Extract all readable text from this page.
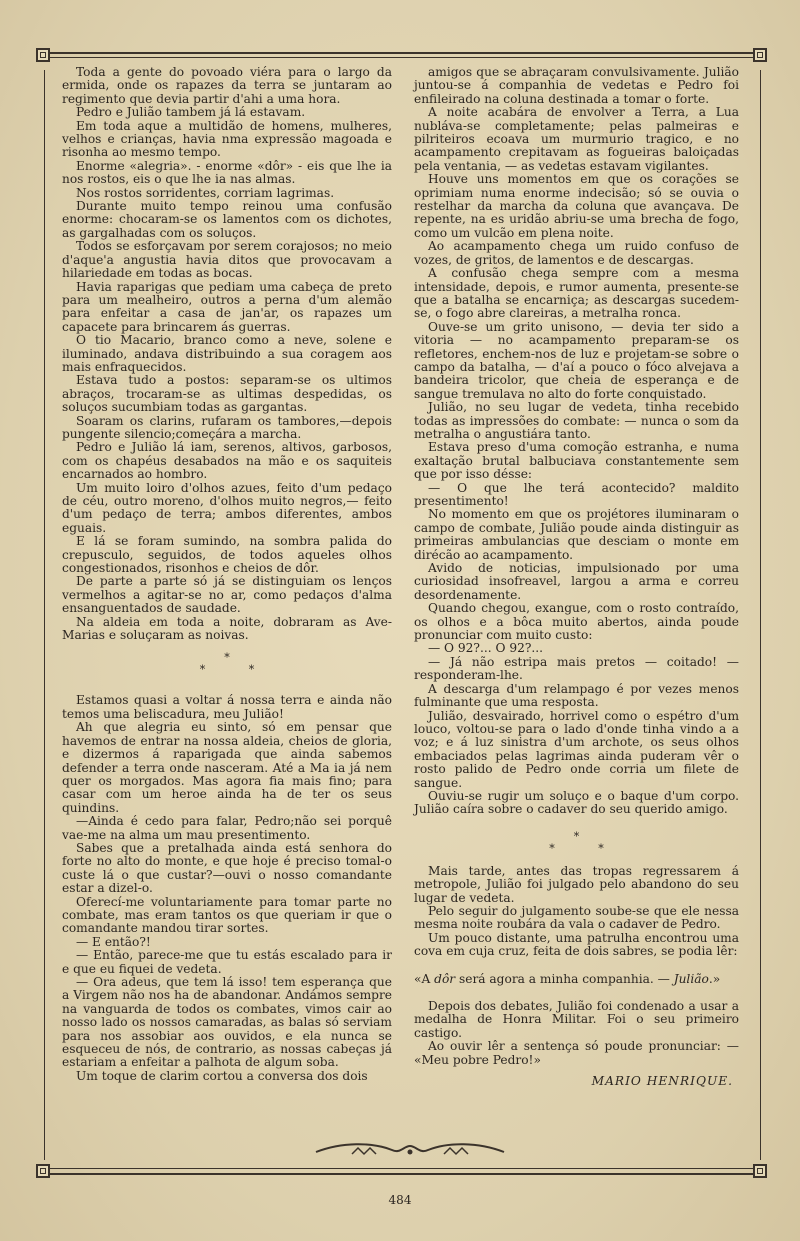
Toda a gente do povoado viéra para o largo da ermida, onde os rapazes da terra se juntaram ao regimento que devia partir d'ahi a uma hora.

Pedro e Julião tambem já lá estavam.

Em toda aque a multidão de homens, mulheres, velhos e crianças, havia nma expressão magoada e risonha ao mesmo tempo.

Enorme «alegria». - enorme «dôr» - eis que lhe ia nos rostos, eis o que lhe ia nas almas.

Nos rostos sorridentes, corriam lagrimas.

Durante muito tempo reinou uma confusão enorme: chocaram-se os lamentos com os dichotes, as gargalhadas com os soluços.

Todos se esforçavam por serem corajosos; no meio d'aque'a angustia havia ditos que provocavam a hilariedade em todas as bocas.

Havia raparigas que pediam uma cabeça de preto para um mealheiro, outros a perna d'um alemão para enfeitar a casa de jan'ar, os rapazes um capacete para brincarem ás guerras.

O tio Macario, branco como a neve, solene e iluminado, andava distribuindo a sua coragem aos mais enfraquecidos.

Estava tudo a postos: separam-se os ultimos abraços, trocaram-se as ultimas despedidas, os soluços sucumbiam todas as gargantas.

Soaram os clarins, rufaram os tambores,—depois pungente silencio;começára a marcha.

Pedro e Julião lá iam, serenos, altivos, garbosos, com os chapéus desabados na mão e os saquiteis encarnados ao hombro.

Um muito loiro d'olhos azues, feito d'um pedaço de céu, outro moreno, d'olhos muito negros,— feito d'um pedaço de terra; ambos diferentes, ambos eguais.

E lá se foram sumindo, na sombra palida do crepusculo, seguidos, de todos aqueles olhos congestionados, risonhos e cheios de dôr.

De parte a parte só já se distinguiam os lenços vermelhos a agitar-se no ar, como pedaços d'alma ensanguentados de saudade.

Na aldeia em toda a noite, dobraram as Ave-Marias e soluçaram as noivas.

*
* *

Estamos quasi a voltar á nossa terra e ainda não temos uma beliscadura, meu Julião!

Ah que alegria eu sinto, só em pensar que havemos de entrar na nossa aldeia, cheios de gloria, e dizermos á raparigada que ainda sabemos defender a terra onde nasceram. Até a Ma ia já nem quer os morgados. Mas agora fia mais fino; para casar com um heroe ainda ha de ter os seus quindins.

—Ainda é cedo para falar, Pedro;não sei porquê vae-me na alma um mau presentimento.

Sabes que a pretalhada ainda está senhora do forte no alto do monte, e que hoje é preciso tomal-o custe lá o que custar?—ouvi o nosso comandante estar a dizel-o.

Oferecí-me voluntariamente para tomar parte no combate, mas eram tantos os que queriam ir que o comandante mandou tirar sortes.

— E então?!

— Então, parece-me que tu estás escalado para ir e que eu fiquei de vedeta.

— Ora adeus, que tem lá isso! tem esperança que a Virgem não nos ha de abandonar. Andámos sempre na vanguarda de todos os combates, vimos cair ao nosso lado os nossos camaradas, as balas só serviam para nos assobiar aos ouvidos, e ela nunca se esqueceu de nós, de contrario, as nossas cabeças já estariam a enfeitar a palhota de algum soba.

Um toque de clarim cortou a conversa dos dois

amigos que se abraçaram convulsivamente. Julião juntou-se á companhia de vedetas e Pedro foi enfileirado na coluna destinada a tomar o forte.

A noite acabára de envolver a Terra, a Lua nubláva-se completamente; pelas palmeiras e pilriteiros ecoava um murmurio tragico, e no acampamento crepitavam as fogueiras baloiçadas pela ventania, — as vedetas estavam vigilantes.

Houve uns momentos em que os corações se oprimiam numa enorme indecisão; só se ouvia o restelhar da marcha da coluna que avançava. De repente, na es uridão abriu-se uma brecha de fogo, como um vulcão em plena noite.

Ao acampamento chega um ruido confuso de vozes, de gritos, de lamentos e de descargas.

A confusão chega sempre com a mesma intensidade, depois, e rumor aumenta, presente-se que a batalha se encarniça; as descargas sucedem-se, o fogo abre clareiras, a metralha ronca.

Ouve-se um grito unisono, — devia ter sido a vitoria — no acampamento preparam-se os refletores, enchem-nos de luz e projetam-se sobre o campo da batalha, — d'aí a pouco o fóco alvejava a bandeira tricolor, que cheia de esperança e de sangue tremulava no alto do forte conquistado.

Julião, no seu lugar de vedeta, tinha recebido todas as impressões do combate: — nunca o som da metralha o angustiára tanto.

Estava preso d'uma comoção estranha, e numa exaltação brutal balbuciava constantemente sem que por isso désse:

— O que lhe terá acontecido? maldito presentimento!

No momento em que os projétores iluminaram o campo de combate, Julião poude ainda distinguir as primeiras ambulancias que desciam o monte em dirécão ao acampamento.

Avido de noticias, impulsionado por uma curiosidad insofreavel, largou a arma e correu desordenamente.

Quando chegou, exangue, com o rosto contraído, os olhos e a bôca muito abertos, ainda poude pronunciar com muito custo:

— O 92?... O 92?...

— Já não estripa mais pretos — coitado! — responderam-lhe.

A descarga d'um relampago é por vezes menos fulminante que uma resposta.

Julião, desvairado, horrivel como o espétro d'um louco, voltou-se para o lado d'onde tinha vindo a a voz; e á luz sinistra d'um archote, os seus olhos embaciados pelas lagrimas ainda puderam vêr o rosto palido de Pedro onde corria um filete de sangue.

Ouviu-se rugir um soluço e o baque d'um corpo. Julião caíra sobre o cadaver do seu querido amigo.

*
* *

Mais tarde, antes das tropas regressarem á metropole, Julião foi julgado pelo abandono do seu lugar de vedeta.

Pelo seguir do julgamento soube-se que ele nessa mesma noite roubára da vala o cadaver de Pedro.

Um pouco distante, uma patrulha encontrou uma cova em cuja cruz, feita de dois sabres, se podia lêr:

«A dôr será agora a minha companhia. — Julião.»

Depois dos debates, Julião foi condenado a usar a medalha de Honra Militar. Foi o seu primeiro castigo.

Ao ouvir lêr a sentença só poude pronunciar: — «Meu pobre Pedro!»

MARIO HENRIQUE.
484
